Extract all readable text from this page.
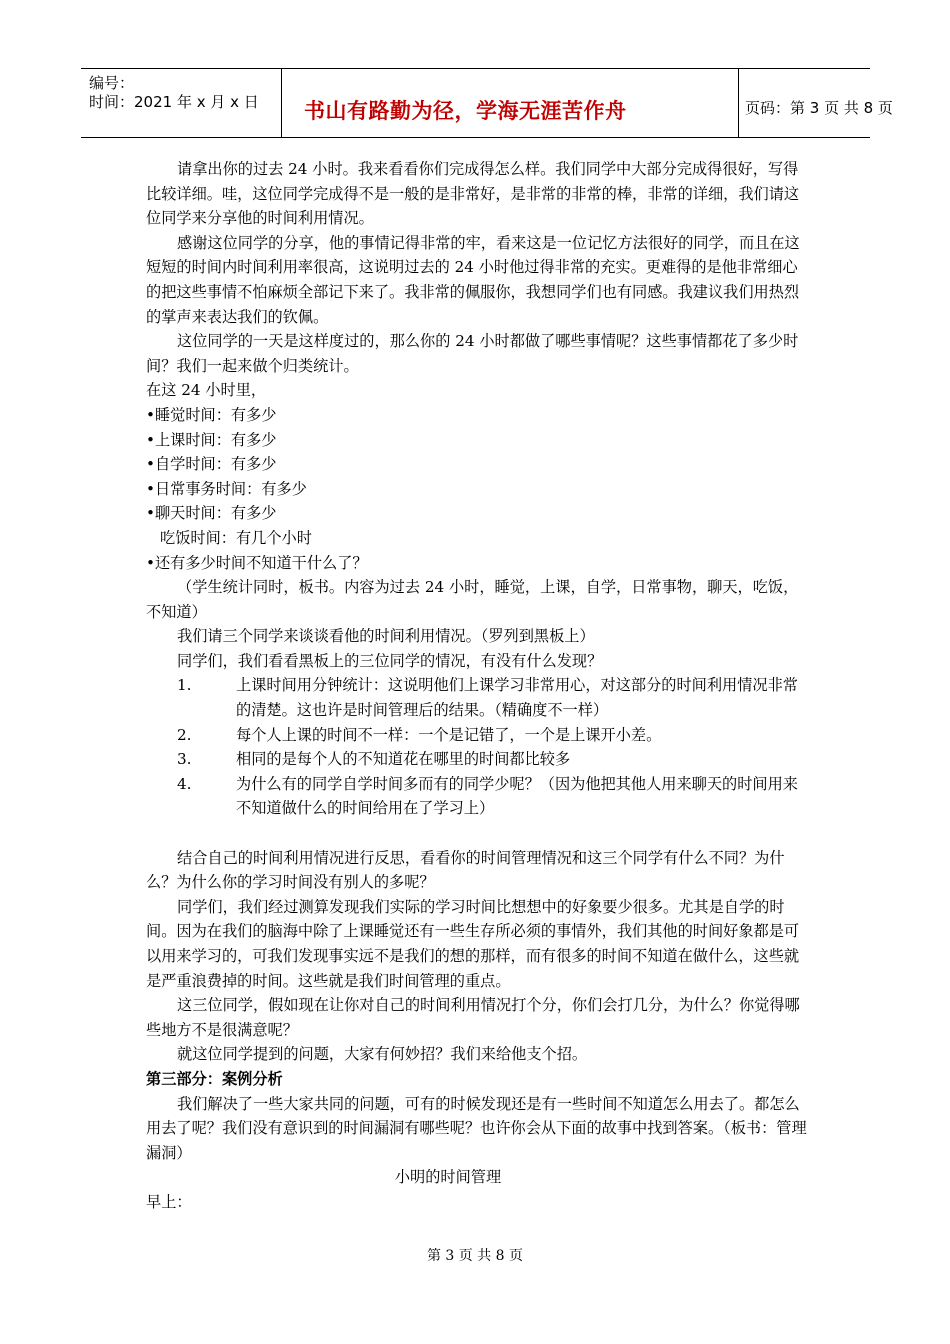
编号：
时间：2021 年 x 月 x 日 书山有路勤为径，学海无涯苦作舟	页码：第 3 页 共 8 页

请拿出你的过去 24 小时。我来看看你们完成得怎么样。我们同学中大部分完成得很好，写得比较详细。哇，这位同学完成得不是一般的是非常好，是非常的非常的棒，非常的详细，我们请这位同学来分享他的时间利用情况。

感谢这位同学的分享，他的事情记得非常的牢，看来这是一位记忆方法很好的同学，而且在这短短的时间内时间利用率很高，这说明过去的 24 小时他过得非常的充实。更难得的是他非常细心的把这些事情不怕麻烦全部记下来了。我非常的佩服你，我想同学们也有同感。我建议我们用热烈的掌声来表达我们的钦佩。

这位同学的一天是这样度过的，那么你的 24 小时都做了哪些事情呢？这些事情都花了多少时间？我们一起来做个归类统计。

在这 24 小时里，

•睡觉时间：有多少

•上课时间：有多少

•自学时间：有多少

•日常事务时间：有多少

•聊天时间：有多少

吃饭时间：有几个小时

•还有多少时间不知道干什么了？

（学生统计同时，板书。内容为过去 24 小时，睡觉，上课，自学，日常事物，聊天，吃饭，不知道）

我们请三个同学来谈谈看他的时间利用情况。（罗列到黑板上）

同学们，我们看看黑板上的三位同学的情况，有没有什么发现？

1.	上课时间用分钟统计：这说明他们上课学习非常用心，对这部分的时间利用情况非常的清楚。这也许是时间管理后的结果。（精确度不一样）
2.	每个人上课的时间不一样：一个是记错了，一个是上课开小差。
3.	相同的是每个人的不知道花在哪里的时间都比较多
4.	为什么有的同学自学时间多而有的同学少呢？（因为他把其他人用来聊天的时间用来不知道做什么的时间给用在了学习上）

结合自己的时间利用情况进行反思，看看你的时间管理情况和这三个同学有什么不同？为什么？为什么你的学习时间没有别人的多呢？

同学们，我们经过测算发现我们实际的学习时间比想想中的好象要少很多。尤其是自学的时间。因为在我们的脑海中除了上课睡觉还有一些生存所必须的事情外，我们其他的时间好象都是可以用来学习的，可我们发现事实远不是我们的想的那样，而有很多的时间不知道在做什么，这些就是严重浪费掉的时间。这些就是我们时间管理的重点。

这三位同学，假如现在让你对自己的时间利用情况打个分，你们会打几分，为什么？你觉得哪些地方不是很满意呢？

就这位同学提到的问题，大家有何妙招？我们来给他支个招。

第三部分：案例分析

我们解决了一些大家共同的问题，可有的时候发现还是有一些时间不知道怎么用去了。都怎么用去了呢？我们没有意识到的时间漏洞有哪些呢？也许你会从下面的故事中找到答案。（板书：管理漏洞）

小明的时间管理

早上：

第 3 页 共 8 页
